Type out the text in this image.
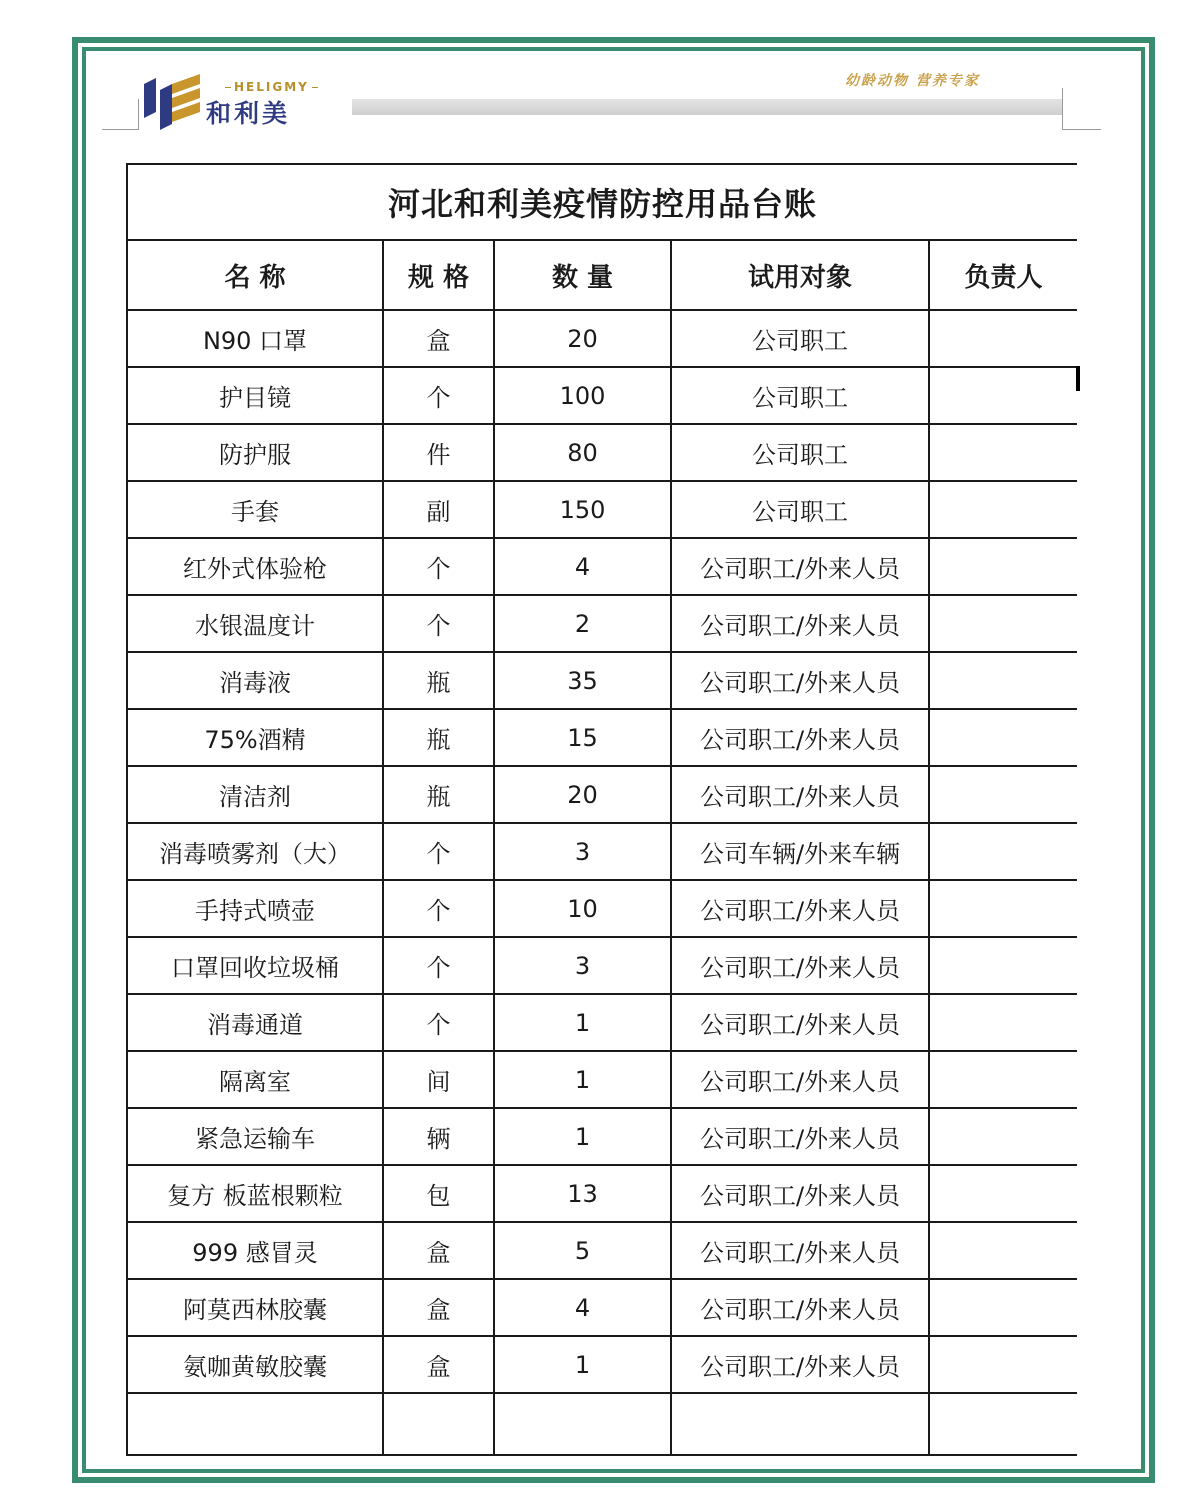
HELIGMY
和利美
幼龄动物 营养专家
河北和利美疫情防控用品台账				
名 称	规 格	数 量	试用对象	负责人
N90 口罩	盒	20	公司职工	
护目镜	个	100	公司职工	
防护服	件	80	公司职工	
手套	副	150	公司职工	
红外式体验枪	个	4	公司职工/外来人员	
水银温度计	个	2	公司职工/外来人员	
消毒液	瓶	35	公司职工/外来人员	
75%酒精	瓶	15	公司职工/外来人员	
清洁剂	瓶	20	公司职工/外来人员	
消毒喷雾剂（大）	个	3	公司车辆/外来车辆	
手持式喷壶	个	10	公司职工/外来人员	
口罩回收垃圾桶	个	3	公司职工/外来人员	
消毒通道	个	1	公司职工/外来人员	
隔离室	间	1	公司职工/外来人员	
紧急运输车	辆	1	公司职工/外来人员	
复方 板蓝根颗粒	包	13	公司职工/外来人员	
999 感冒灵	盒	5	公司职工/外来人员	
阿莫西林胶囊	盒	4	公司职工/外来人员	
氨咖黄敏胶囊	盒	1	公司职工/外来人员	
